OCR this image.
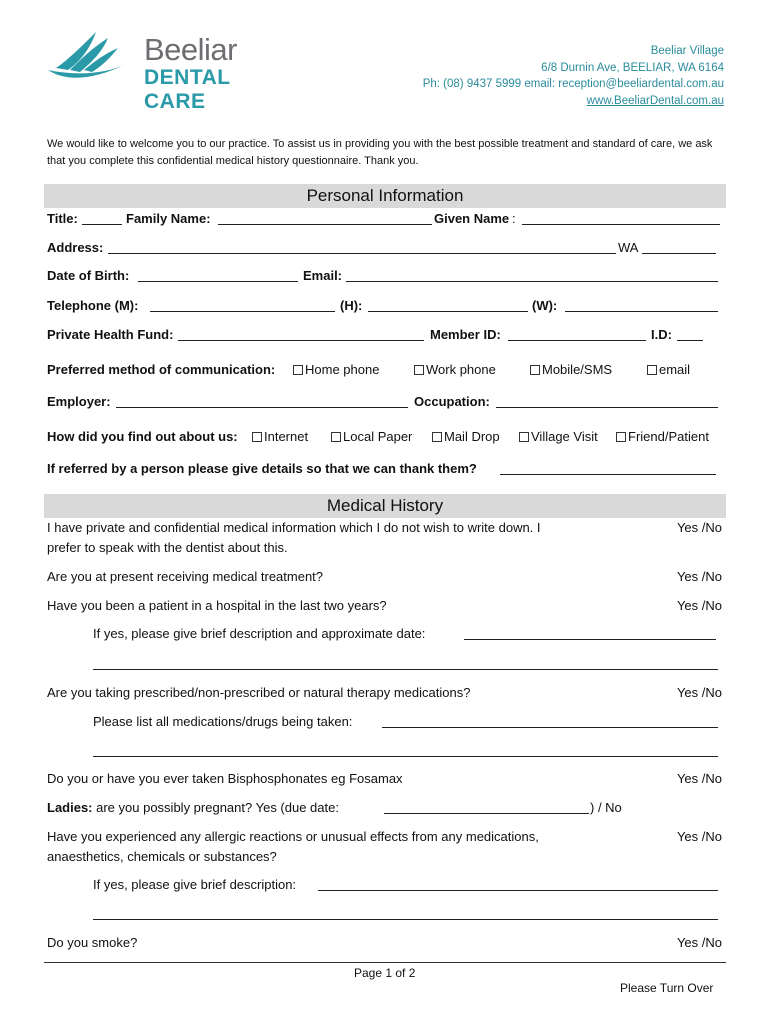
Beeliar
DENTAL CARE
Beeliar Village
6/8 Durnin Ave, BEELIAR, WA 6164
Ph: (08) 9437 5999 email: reception@beeliardental.com.au
www.BeeliarDental.com.au
We would like to welcome you to our practice. To assist us in providing you with the best possible treatment and standard of care, we ask that you complete this confidential medical history questionnaire. Thank you.
Personal Information
Title:	Family Name:	Given Name :
Address:	WA
Date of Birth:	Email:
Telephone (M):	(H):	(W):
Private Health Fund:	Member ID:	I.D:
Preferred method of communication:	Home phone	Work phone	Mobile/SMS	email
Employer:	Occupation:
How did you find out about us:	Internet	Local Paper	Mail Drop	Village Visit	Friend/Patient
If referred by a person please give details so that we can thank them?
Medical History
I have private and confidential medical information which I do not wish to write down. I
prefer to speak with the dentist about this.
Yes /No
Are you at present receiving medical treatment?	Yes /No
Have you been a patient in a hospital in the last two years?	Yes /No
If yes, please give brief description and approximate date:
Are you taking prescribed/non-prescribed or natural therapy medications?	Yes /No
Please list all medications/drugs being taken:
Do you or have you ever taken Bisphosphonates eg Fosamax	Yes /No
Ladies: are you possibly pregnant? Yes (due date:	) / No
Have you experienced any allergic reactions or unusual effects from any medications,
anaesthetics, chemicals or substances?
Yes /No
If yes, please give brief description:
Do you smoke?	Yes /No
Page 1 of 2
Please Turn Over
